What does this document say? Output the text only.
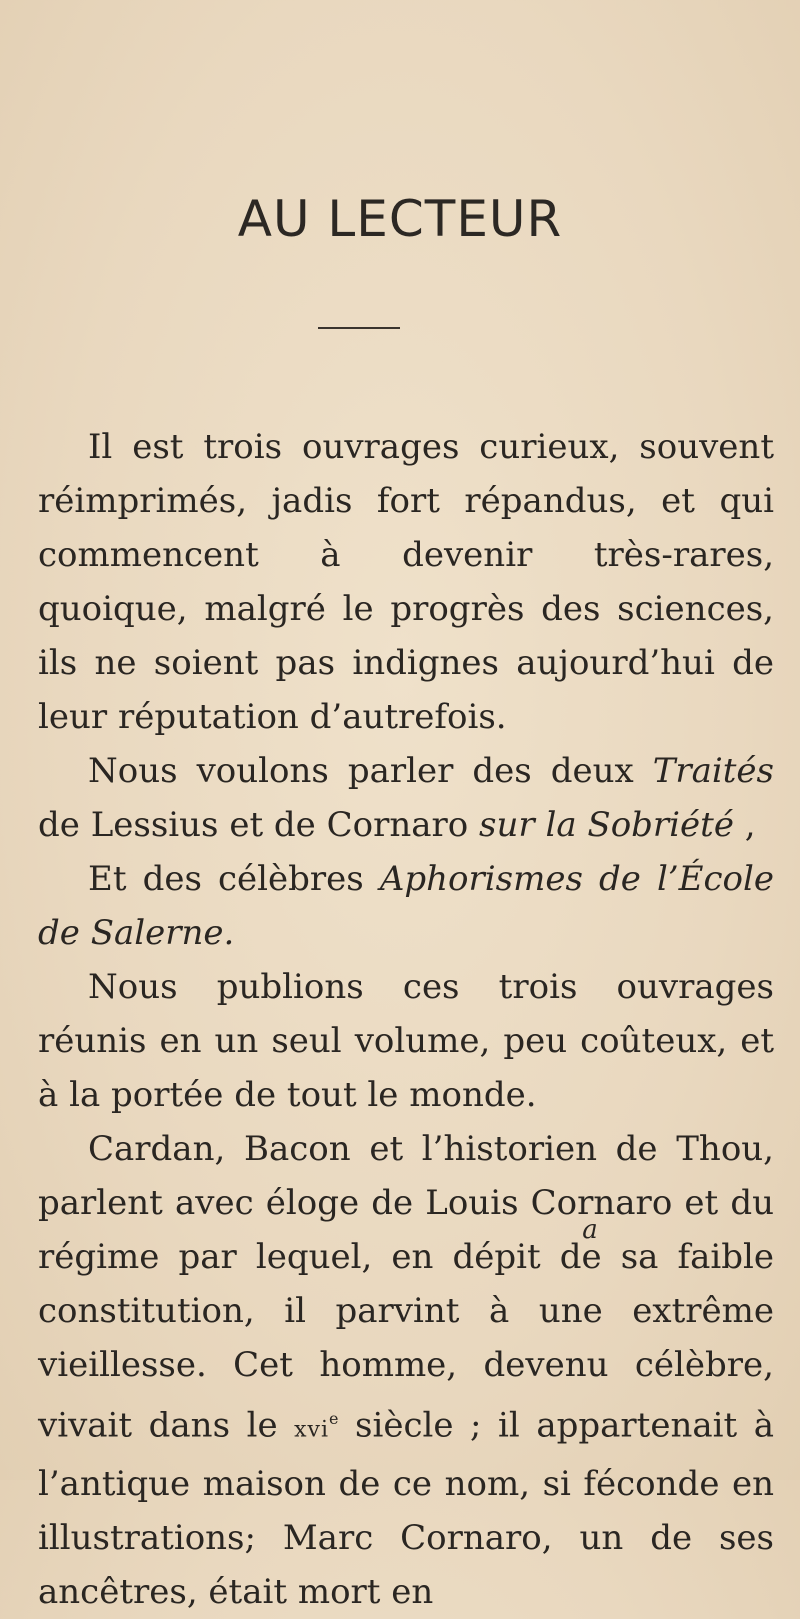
AU LECTEUR

Il est trois ouvrages curieux, souvent réimprimés, jadis fort répandus, et qui commencent à devenir très-rares, quoique, malgré le progrès des sciences, ils ne soient pas indignes aujourd’hui de leur réputation d’autrefois.

Nous voulons parler des deux Traités de Lessius et de Cornaro sur la Sobriété ,

Et des célèbres Aphorismes de l’École de Salerne.

Nous publions ces trois ouvrages réunis en un seul volume, peu coûteux, et à la portée de tout le monde.

Cardan, Bacon et l’historien de Thou, parlent avec éloge de Louis Cornaro et du régime par lequel, en dépit de sa faible constitution, il parvint à une extrême vieillesse. Cet homme, devenu célèbre, vivait dans le xvi$^e$ siècle ; il appartenait à l’antique maison de ce nom, si féconde en illustrations; Marc Cornaro, un de ses ancêtres, était mort en

a
